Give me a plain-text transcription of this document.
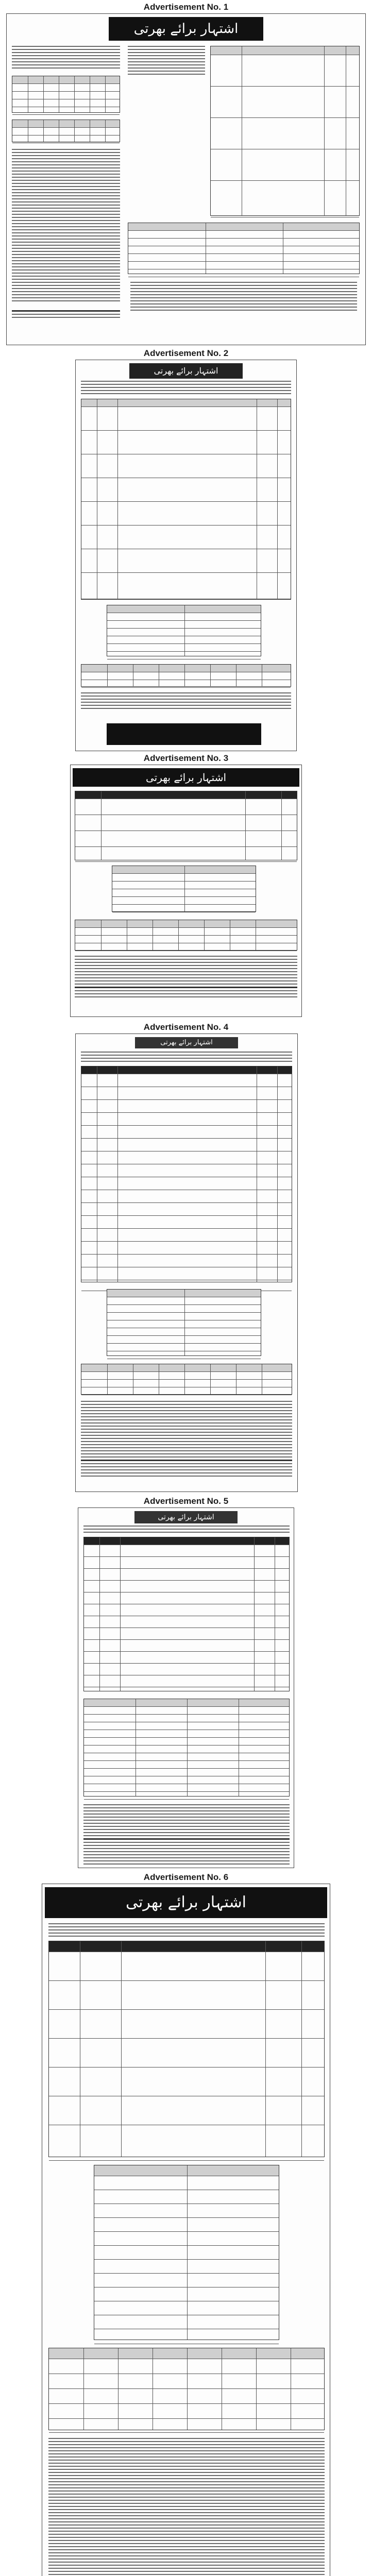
Advertisement No. 1
اشتہار برائے بھرتی
Advertisement No. 2
اشتہار برائے بھرتی
Advertisement No. 3
اشتہار برائے بھرتی
Advertisement No. 4
اشتہار برائے بھرتی
Advertisement No. 5
اشتہار برائے بھرتی
Advertisement No. 6
اشتہار برائے بھرتی
